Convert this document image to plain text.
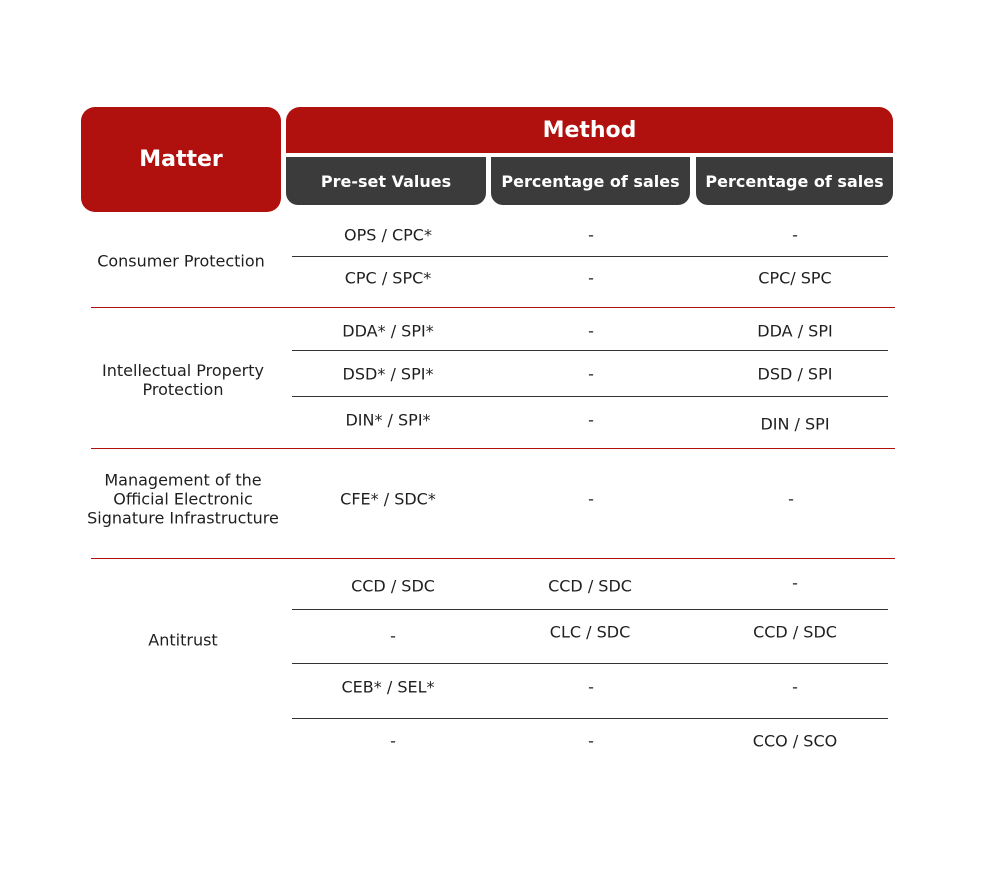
Matter
Method
Pre-set Values	Percentage of sales	Percentage of sales
Consumer Protection
OPS / CPC*	-	-
CPC / SPC*	-	CPC/ SPC
Intellectual Property Protection
DDA* / SPI*	-	DDA / SPI
DSD* / SPI*	-	DSD / SPI
DIN* / SPI*	-	DIN / SPI
Management of the Official Electronic Signature Infrastructure
CFE* / SDC*	-	-
Antitrust
CCD / SDC	CCD / SDC	-
-	CLC / SDC	CCD / SDC
CEB* / SEL*	-	-
-	-	CCO / SCO
